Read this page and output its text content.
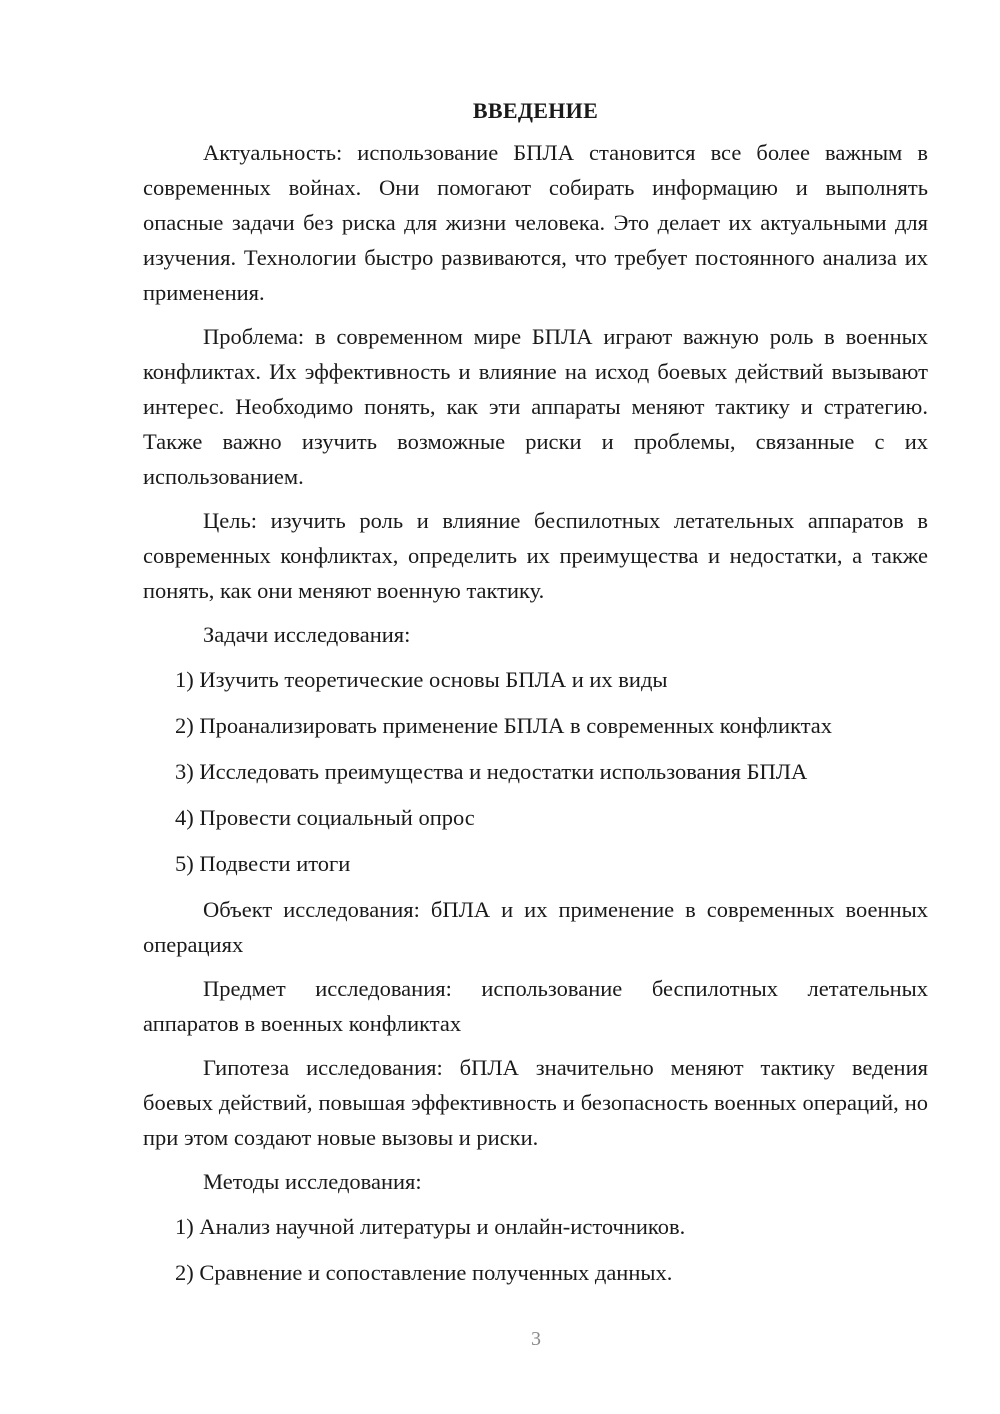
ВВЕДЕНИЕ

Актуальность: использование БПЛА становится все более важным в современных войнах. Они помогают собирать информацию и выполнять опасные задачи без риска для жизни человека. Это делает их актуальными для изучения. Технологии быстро развиваются, что требует постоянного анализа их применения.

Проблема: в современном мире БПЛА играют важную роль в военных конфликтах. Их эффективность и влияние на исход боевых действий вызывают интерес. Необходимо понять, как эти аппараты меняют тактику и стратегию. Также важно изучить возможные риски и проблемы, связанные с их использованием.

Цель: изучить роль и влияние беспилотных летательных аппаратов в современных конфликтах, определить их преимущества и недостатки, а также понять, как они меняют военную тактику.

Задачи исследования:

1) Изучить теоретические основы БПЛА и их виды

2) Проанализировать применение БПЛА в современных конфликтах

3) Исследовать преимущества и недостатки использования БПЛА

4) Провести социальный опрос

5) Подвести итоги

Объект исследования: бПЛА и их применение в современных военных операциях

Предмет исследования: использование беспилотных летательных аппаратов в военных конфликтах

Гипотеза исследования: бПЛА значительно меняют тактику ведения боевых действий, повышая эффективность и безопасность военных операций, но при этом создают новые вызовы и риски.

Методы исследования:

1) Анализ научной литературы и онлайн-источников.

2) Сравнение и сопоставление полученных данных.

3
